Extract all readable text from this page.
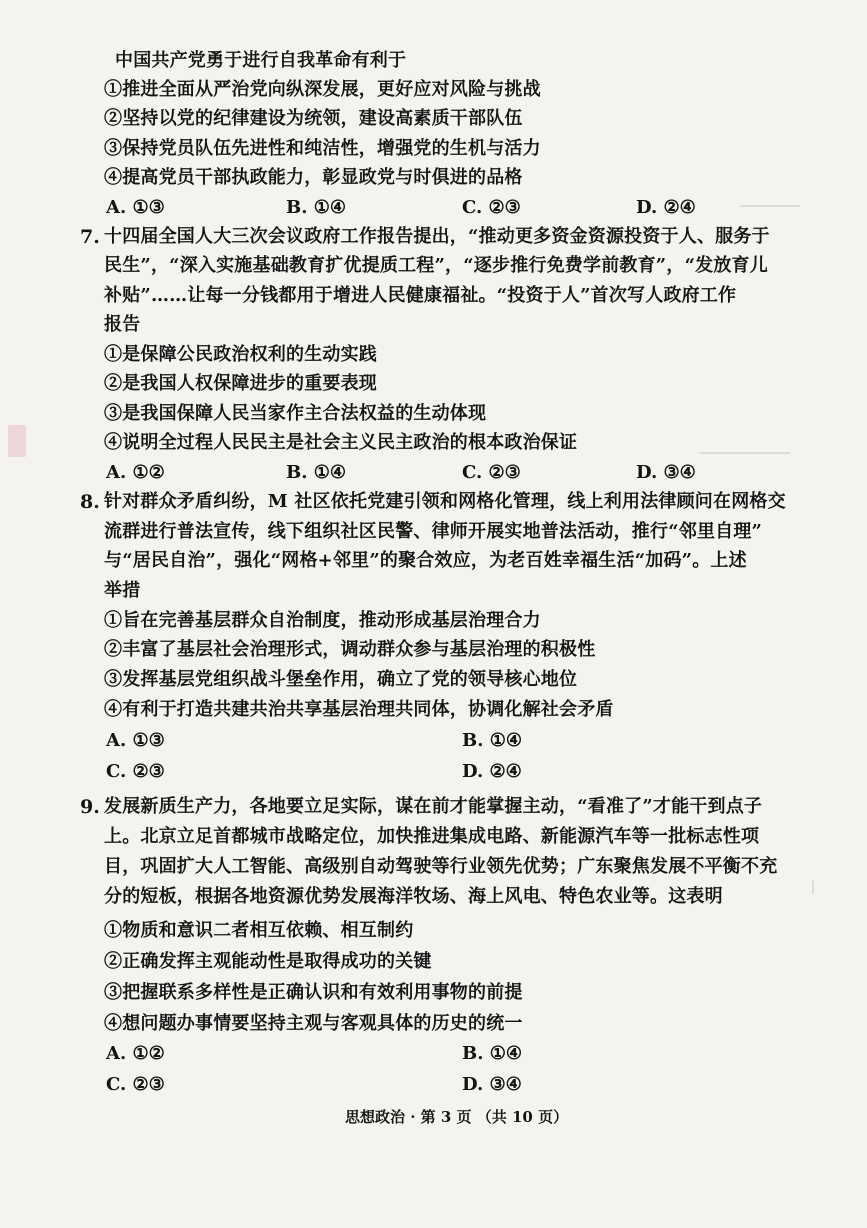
中国共产党勇于进行自我革命有利于
①推进全面从严治党向纵深发展，更好应对风险与挑战
②坚持以党的纪律建设为统领，建设高素质干部队伍
③保持党员队伍先进性和纯洁性，增强党的生机与活力
④提高党员干部执政能力，彰显政党与时俱进的品格
A. ①③	B. ①④	C. ②③	D. ②④
7. 十四届全国人大三次会议政府工作报告提出，“推动更多资金资源投资于人、服务于
民生”，“深入实施基础教育扩优提质工程”，“逐步推行免费学前教育”，“发放育儿
补贴”……让每一分钱都用于增进人民健康福祉。“投资于人”首次写人政府工作
报告
①是保障公民政治权利的生动实践
②是我国人权保障进步的重要表现
③是我国保障人民当家作主合法权益的生动体现
④说明全过程人民民主是社会主义民主政治的根本政治保证
A. ①②	B. ①④	C. ②③	D. ③④
8. 针对群众矛盾纠纷，M 社区依托党建引领和网格化管理，线上利用法律顾问在网格交
流群进行普法宣传，线下组织社区民警、律师开展实地普法活动，推行“邻里自理”
与“居民自治”，强化“网格+邻里”的聚合效应，为老百姓幸福生活“加码”。上述
举措
①旨在完善基层群众自治制度，推动形成基层治理合力
②丰富了基层社会治理形式，调动群众参与基层治理的积极性
③发挥基层党组织战斗堡垒作用，确立了党的领导核心地位
④有利于打造共建共治共享基层治理共同体，协调化解社会矛盾
A. ①③	B. ①④
C. ②③	D. ②④
9. 发展新质生产力，各地要立足实际，谋在前才能掌握主动，“看准了”才能干到点子
上。北京立足首都城市战略定位，加快推进集成电路、新能源汽车等一批标志性项
目，巩固扩大人工智能、高级别自动驾驶等行业领先优势；广东聚焦发展不平衡不充
分的短板，根据各地资源优势发展海洋牧场、海上风电、特色农业等。这表明
①物质和意识二者相互依赖、相互制约
②正确发挥主观能动性是取得成功的关键
③把握联系多样性是正确认识和有效利用事物的前提
④想问题办事情要坚持主观与客观具体的历史的统一
A. ①②	B. ①④
C. ②③	D. ③④
思想政治 · 第 3 页 （共 10 页）
